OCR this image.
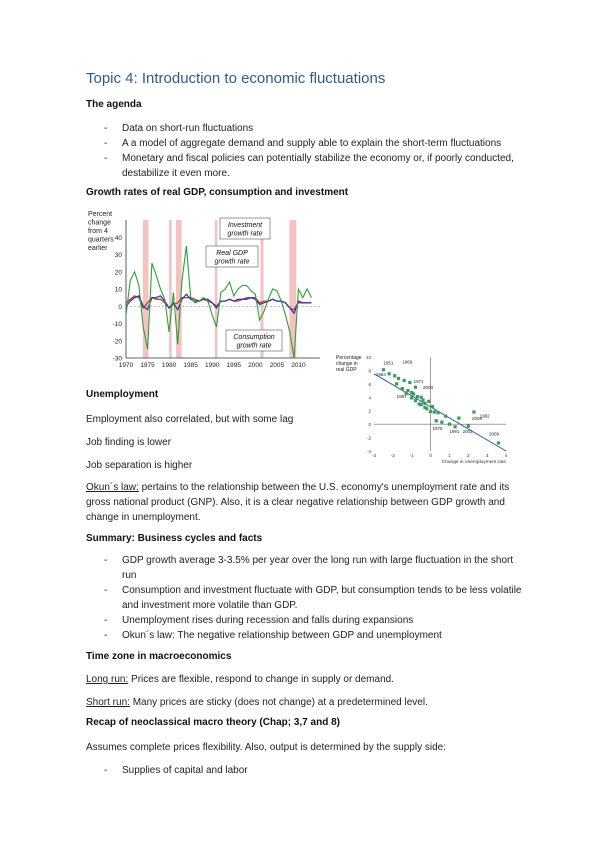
Topic 4: Introduction to economic fluctuations
The agenda
- Data on short-run fluctuations
- A a model of aggregate demand and supply able to explain the short-term fluctuations
- Monetary and fiscal policies can potentially stabilize the economy or, if poorly conducted, destabilize it even more.
Growth rates of real GDP, consumption and investment
Percent
change
from 4
quarters
earlier
40
30
20
10
0
-10
-20
-30
1970 1975 1980 1985 1990 1995 2000 2005 2010
Investment
growth rate
Real GDP
growth rate
Consumption
growth rate
Percentage
change in
real GDP
10
8
6
4
2
0
-2
-4
-3	-2	-1	0	1	2	3	4
Change in unemployment rate
1951 1966
1984
1987
2003
1971
1982
1975
1991 2001
2008
2009
Unemployment
Employment also correlated, but with some lag
Job finding is lower
Job separation is higher
Okun´s law: pertains to the relationship between the U.S. economy's unemployment rate and its gross national product (GNP). Also, it is a clear negative relationship between GDP growth and change in unemployment.
Summary: Business cycles and facts
- GDP growth average 3-3.5% per year over the long run with large fluctuation in the short run
- Consumption and investment fluctuate with GDP, but consumption tends to be less volatile and investment more volatile than GDP.
- Unemployment rises during recession and falls during expansions
- Okun´s law: The negative relationship between GDP and unemployment
Time zone in macroeconomics
Long run: Prices are flexible, respond to change in supply or demand.
Short run: Many prices are sticky (does not change) at a predetermined level.
Recap of neoclassical macro theory (Chap; 3,7 and 8)
Assumes complete prices flexibility. Also, output is determined by the supply side:
- Supplies of capital and labor
